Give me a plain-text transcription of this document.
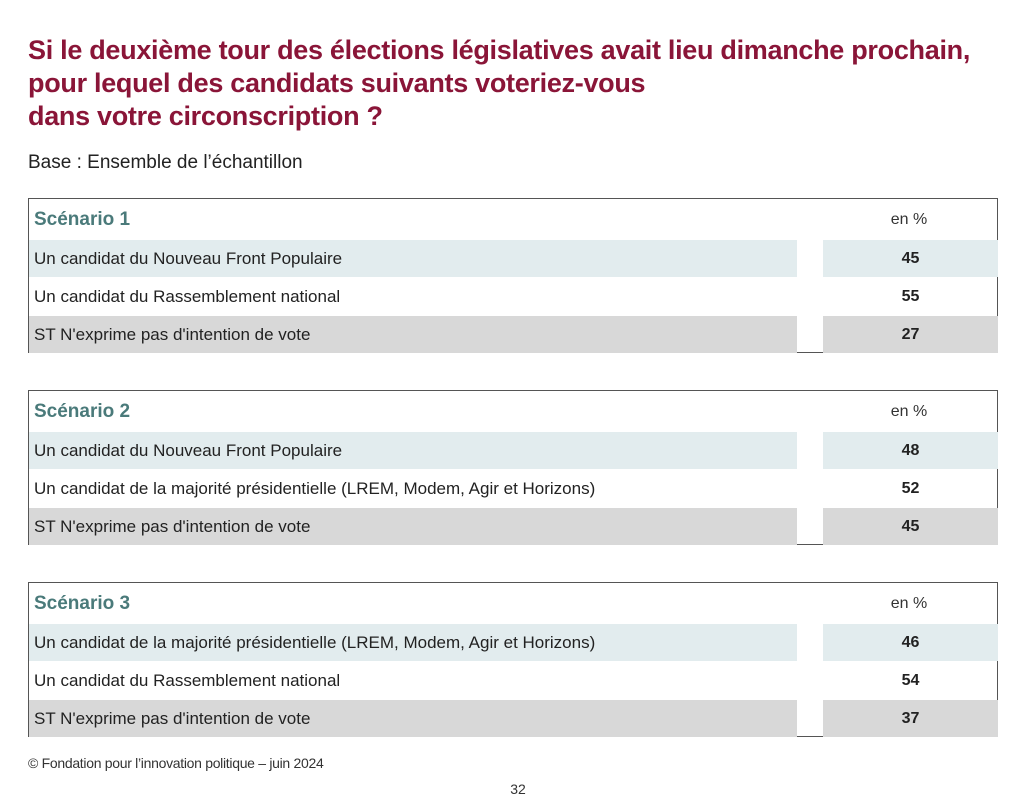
Si le deuxième tour des élections législatives avait lieu dimanche prochain,
pour lequel des candidats suivants voteriez-vous
dans votre circonscription ?

Base : Ensemble de l’échantillon

Scénario 1	en %
Un candidat du Nouveau Front Populaire	45
Un candidat du Rassemblement national	55
ST N'exprime pas d'intention de vote	27
Scénario 2	en %
Un candidat du Nouveau Front Populaire	48
Un candidat de la majorité présidentielle (LREM, Modem, Agir et Horizons)	52
ST N'exprime pas d'intention de vote	45
Scénario 3	en %
Un candidat de la majorité présidentielle (LREM, Modem, Agir et Horizons)	46
Un candidat du Rassemblement national	54
ST N'exprime pas d'intention de vote	37

© Fondation pour l’innovation politique – juin 2024

32
